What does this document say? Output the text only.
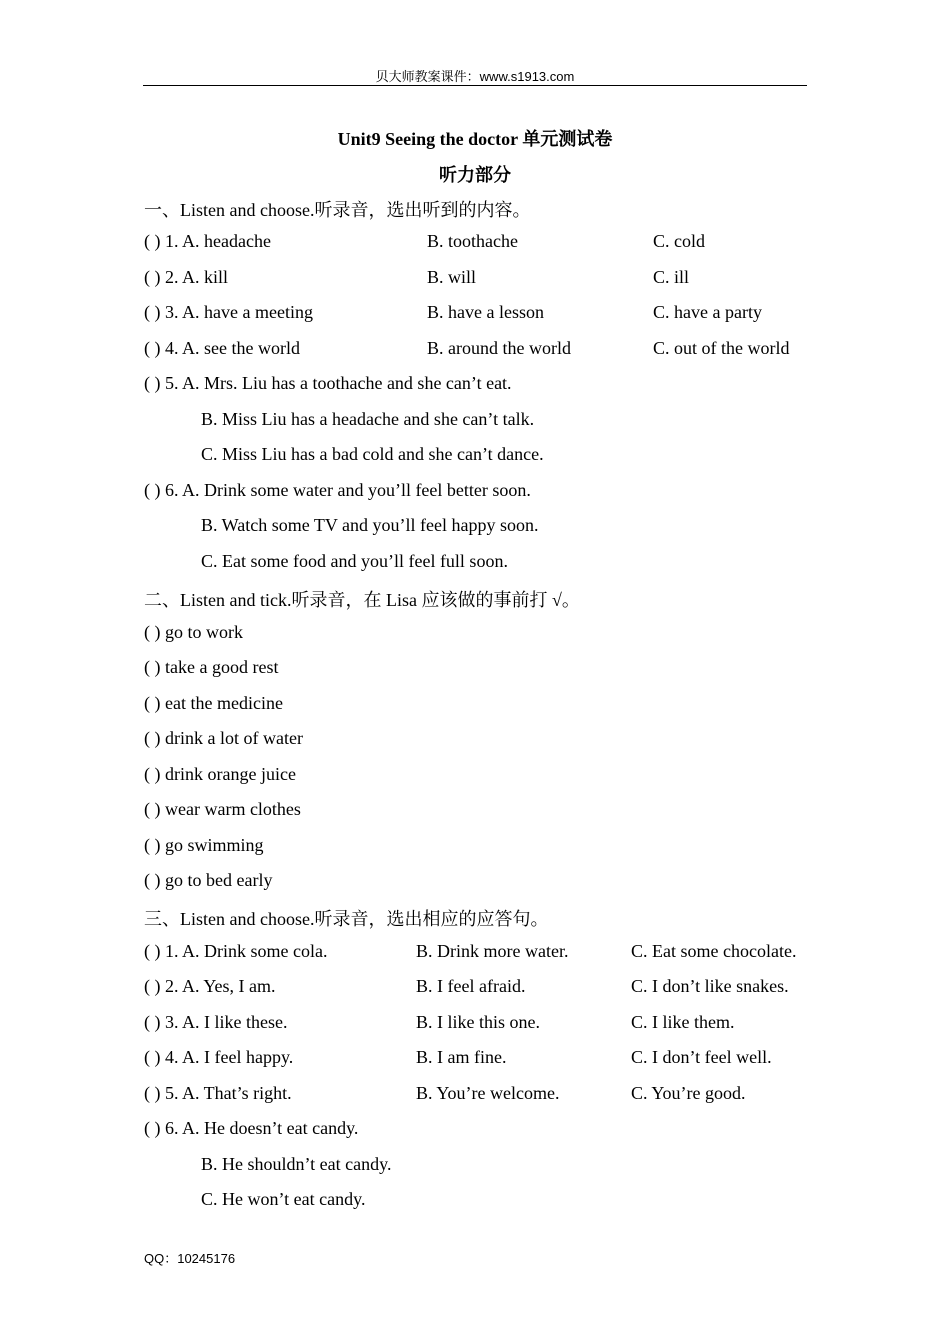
贝大师教案课件：www.s1913.com
Unit9 Seeing the doctor 单元测试卷
听力部分
一、Listen and choose.听录音，选出听到的内容。
( ) 1. A. headache	B. toothache	C. cold
( ) 2. A. kill	B. will	C. ill
( ) 3. A. have a meeting	B. have a lesson	C. have a party
( ) 4. A. see the world	B. around the world	C. out of the world
( ) 5. A. Mrs. Liu has a toothache and she can’t eat.
B. Miss Liu has a headache and she can’t talk.
C. Miss Liu has a bad cold and she can’t dance.
( ) 6. A. Drink some water and you’ll feel better soon.
B. Watch some TV and you’ll feel happy soon.
C. Eat some food and you’ll feel full soon.
二、Listen and tick.听录音，在 Lisa 应该做的事前打 √。
( ) go to work
( ) take a good rest
( ) eat the medicine
( ) drink a lot of water
( ) drink orange juice
( ) wear warm clothes
( ) go swimming
( ) go to bed early
三、Listen and choose.听录音，选出相应的应答句。
( ) 1. A. Drink some cola.	B. Drink more water.	C. Eat some chocolate.
( ) 2. A. Yes, I am.	B. I feel afraid.	C. I don’t like snakes.
( ) 3. A. I like these.	B. I like this one.	C. I like them.
( ) 4. A. I feel happy.	B. I am fine.	C. I don’t feel well.
( ) 5. A. That’s right.	B. You’re welcome.	C. You’re good.
( ) 6. A. He doesn’t eat candy.
B. He shouldn’t eat candy.
C. He won’t eat candy.
QQ：10245176
